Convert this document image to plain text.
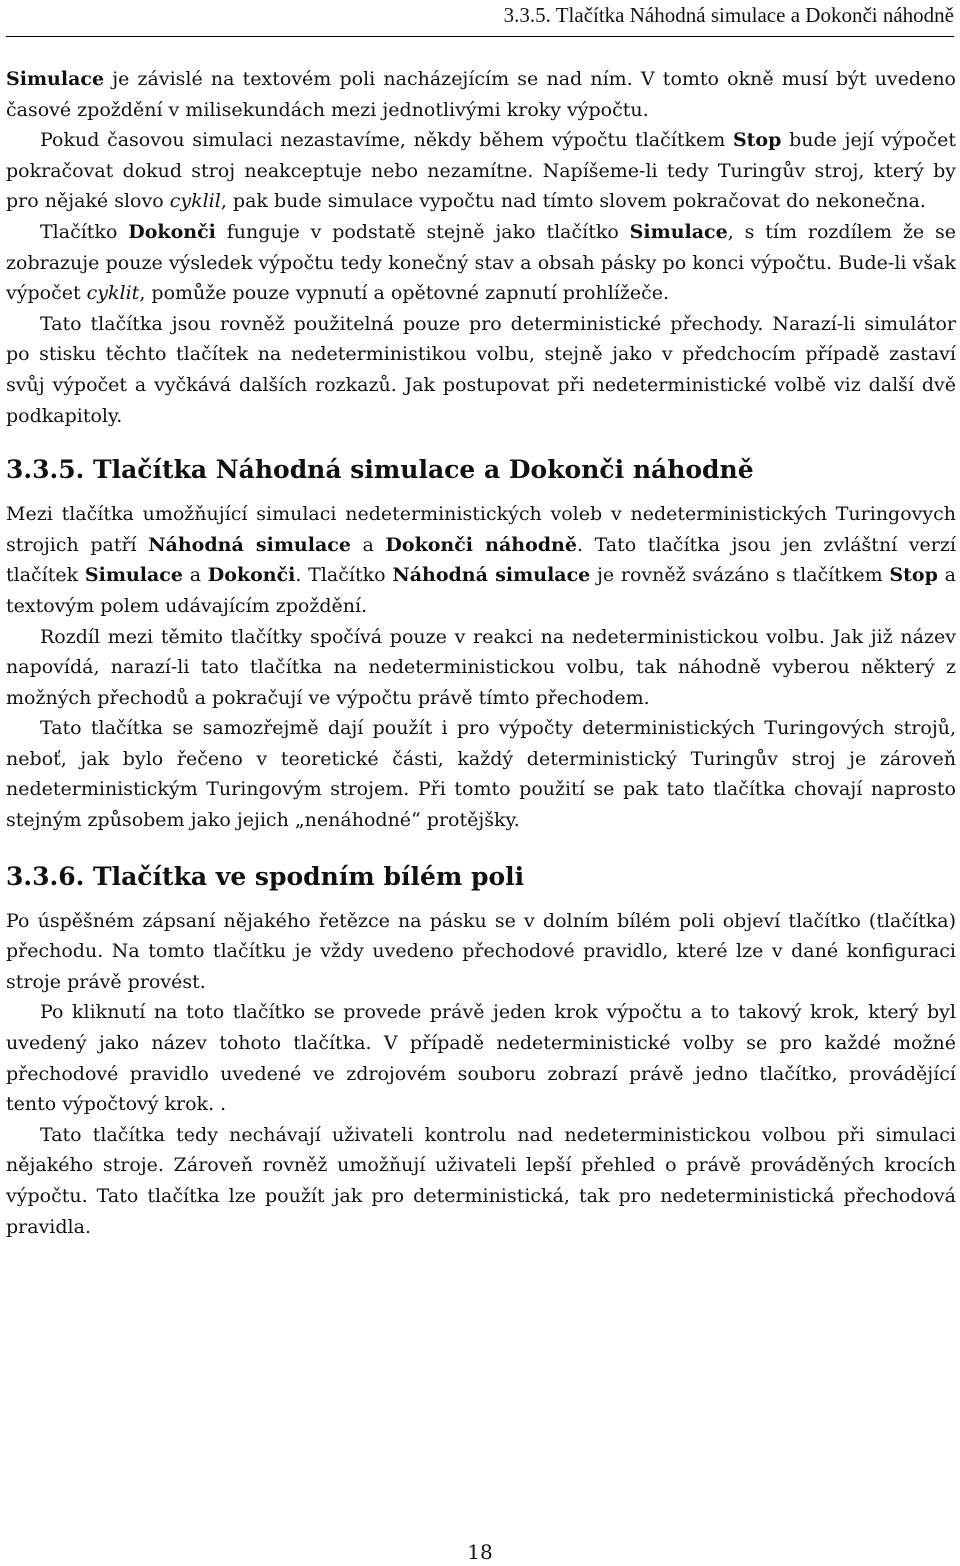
3.3.5. Tlačítka Náhodná simulace a Dokonči náhodně

Simulace je závislé na textovém poli nacházejícím se nad ním. V tomto okně musí být uvedeno časové zpoždění v milisekundách mezi jednotlivými kroky výpočtu.

Pokud časovou simulaci nezastavíme, někdy během výpočtu tlačítkem Stop bude její výpočet pokračovat dokud stroj neakceptuje nebo nezamítne. Napíšeme-li tedy Turingův stroj, který by pro nějaké slovo cyklil, pak bude simulace vypočtu nad tímto slovem pokračovat do nekonečna.

Tlačítko Dokonči funguje v podstatě stejně jako tlačítko Simulace, s tím rozdílem že se zobrazuje pouze výsledek výpočtu tedy konečný stav a obsah pásky po konci výpočtu. Bude-li však výpočet cyklit, pomůže pouze vypnutí a opětovné zapnutí prohlížeče.

Tato tlačítka jsou rovněž použitelná pouze pro deterministické přechody. Narazí-li simulátor po stisku těchto tlačítek na nedeterministikou volbu, stejně jako v předchocím případě zastaví svůj výpočet a vyčkává dalších rozkazů. Jak postupovat při nedeterministické volbě viz další dvě podkapitoly.

3.3.5. Tlačítka Náhodná simulace a Dokonči náhodně

Mezi tlačítka umožňující simulaci nedeterministických voleb v nedeterministických Turingovych strojich patří Náhodná simulace a Dokonči náhodně. Tato tlačítka jsou jen zvláštní verzí tlačítek Simulace a Dokonči. Tlačítko Náhodná simulace je rovněž svázáno s tlačítkem Stop a textovým polem udávajícím zpoždění.

Rozdíl mezi těmito tlačítky spočívá pouze v reakci na nedeterministickou volbu. Jak již název napovídá, narazí-li tato tlačítka na nedeterministickou volbu, tak náhodně vyberou některý z možných přechodů a pokračují ve výpočtu právě tímto přechodem.

Tato tlačítka se samozřejmě dají použít i pro výpočty deterministických Turingových strojů, neboť, jak bylo řečeno v teoretické části, každý deterministický Turingův stroj je zároveň nedeterministickým Turingovým strojem. Při tomto použití se pak tato tlačítka chovají naprosto stejným způsobem jako jejich „nenáhodné“ protějšky.

3.3.6. Tlačítka ve spodním bílém poli

Po úspěšném zápsaní nějakého řetězce na pásku se v dolním bílém poli objeví tlačítko (tlačítka) přechodu. Na tomto tlačítku je vždy uvedeno přechodové pravidlo, které lze v dané konfiguraci stroje právě provést.

Po kliknutí na toto tlačítko se provede právě jeden krok výpočtu a to takový krok, který byl uvedený jako název tohoto tlačítka. V případě nedeterministické volby se pro každé možné přechodové pravidlo uvedené ve zdrojovém souboru zobrazí právě jedno tlačítko, provádějící tento výpočtový krok. .

Tato tlačítka tedy nechávají uživateli kontrolu nad nedeterministickou volbou při simulaci nějakého stroje. Zároveň rovněž umožňují uživateli lepší přehled o právě prováděných krocích výpočtu. Tato tlačítka lze použít jak pro deterministická, tak pro nedeterministická přechodová pravidla.

18
